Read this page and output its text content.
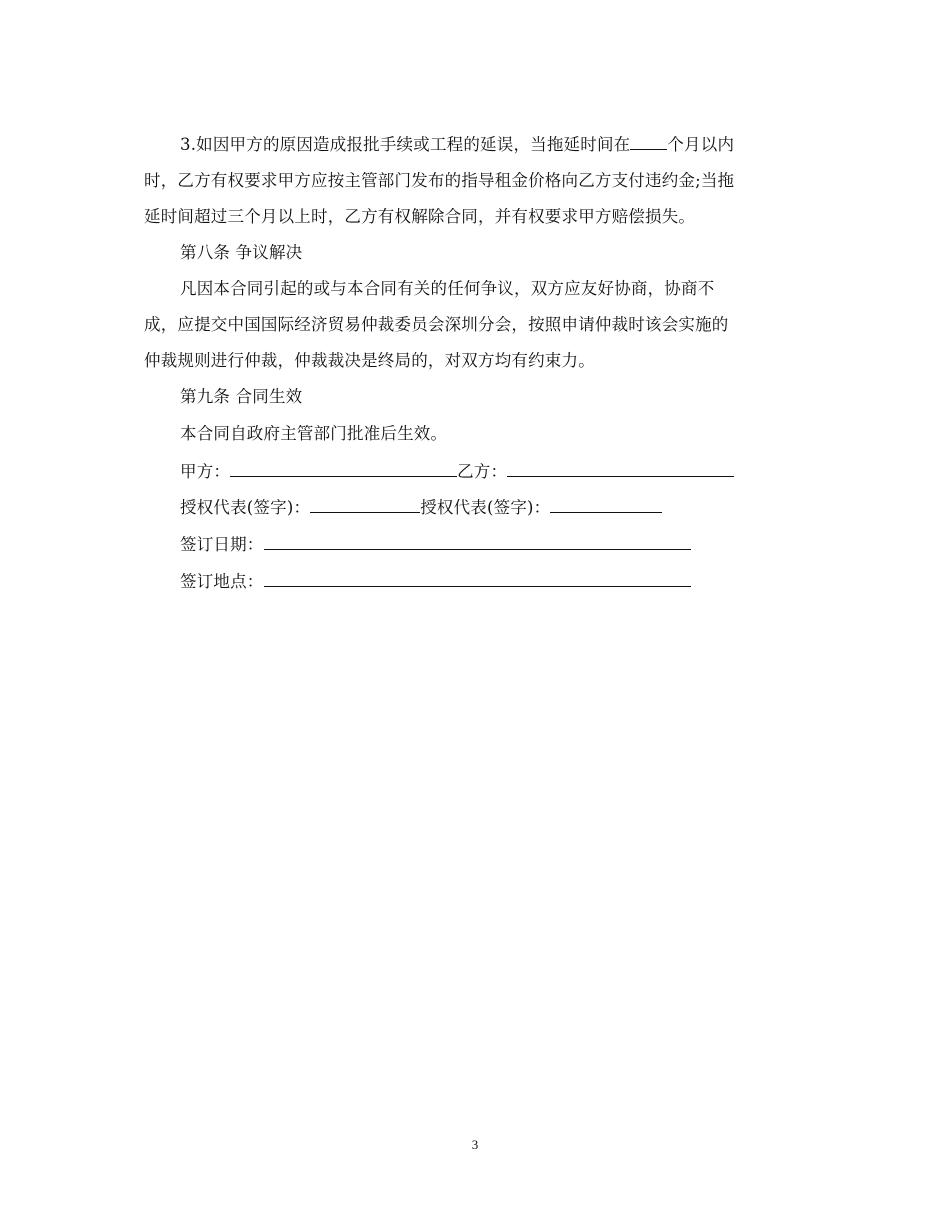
3.如因甲方的原因造成报批手续或工程的延误，当拖延时间在 个月以内
时，乙方有权要求甲方应按主管部门发布的指导租金价格向乙方支付违约金;当拖
延时间超过三个月以上时，乙方有权解除合同，并有权要求甲方赔偿损失。
第八条 争议解决
凡因本合同引起的或与本合同有关的任何争议，双方应友好协商，协商不
成，应提交中国国际经济贸易仲裁委员会深圳分会，按照申请仲裁时该会实施的
仲裁规则进行仲裁，仲裁裁决是终局的，对双方均有约束力。
第九条 合同生效
本合同自政府主管部门批准后生效。
甲方：	乙方：
授权代表(签字)：	授权代表(签字)：
签订日期：
签订地点：
3
